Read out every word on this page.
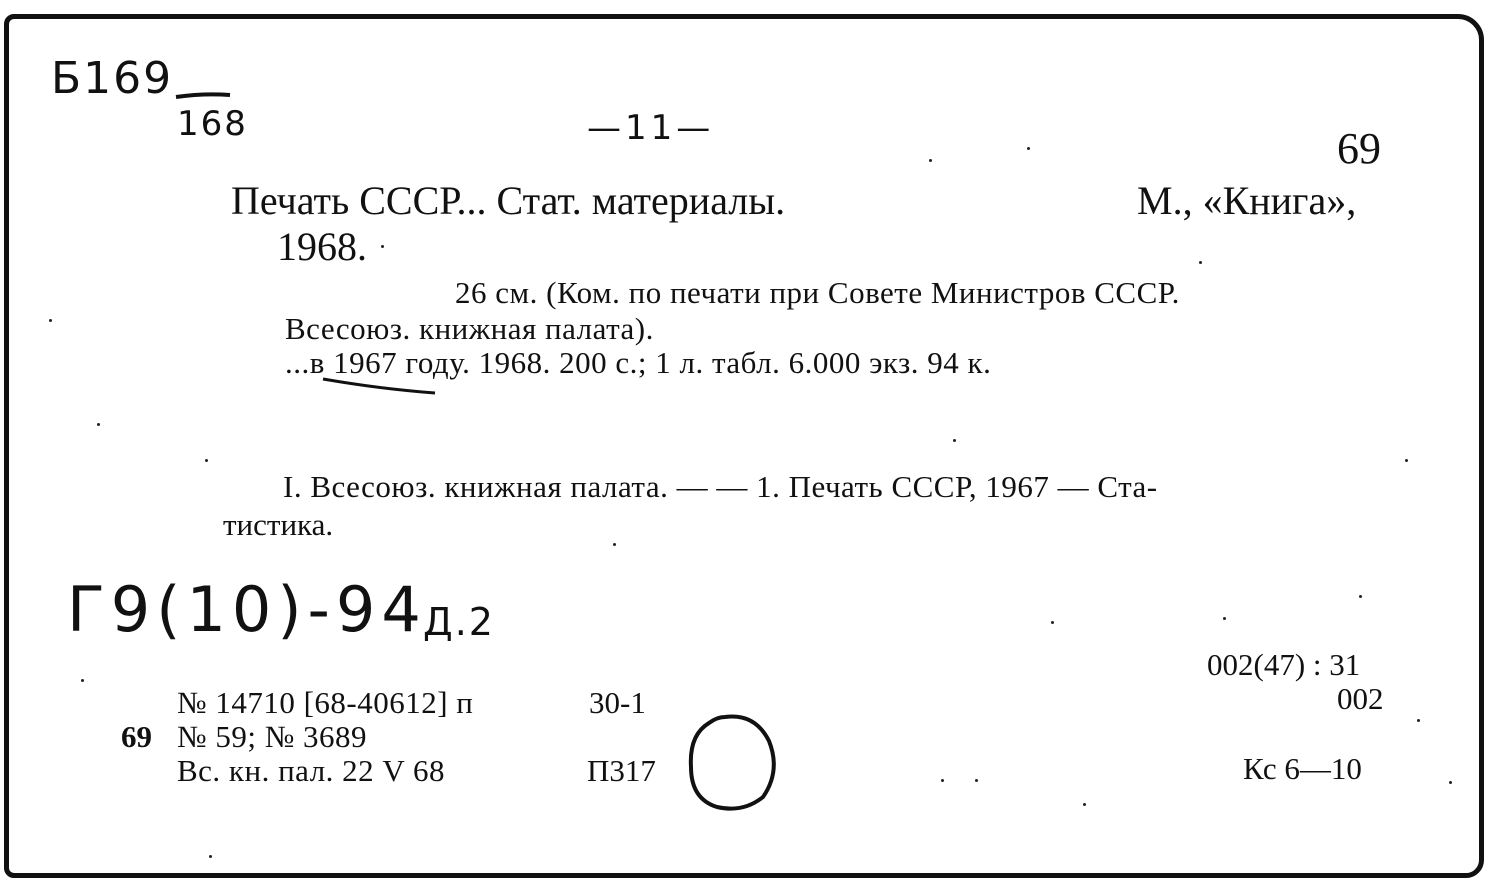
Б169
168	—11—	69
Печать СССР... Стат. материалы.	М., «Книга»,
1968.
26 см. (Ком. по печати при Совете Министров СССР.
Всесоюз. книжная палата).
...в 1967 году. 1968. 200 с.; 1 л. табл. 6.000 экз. 94 к.
I. Всесоюз. книжная палата. — — 1. Печать СССР, 1967 — Ста-
тистика.
Г9(10)-94
Д.2
№ 14710 [68-40612] п	30-1
69 № 59; № 3689
Вс. кн. пал. 22 V 68	П317
002(47) : 31
002
Кс 6—10
